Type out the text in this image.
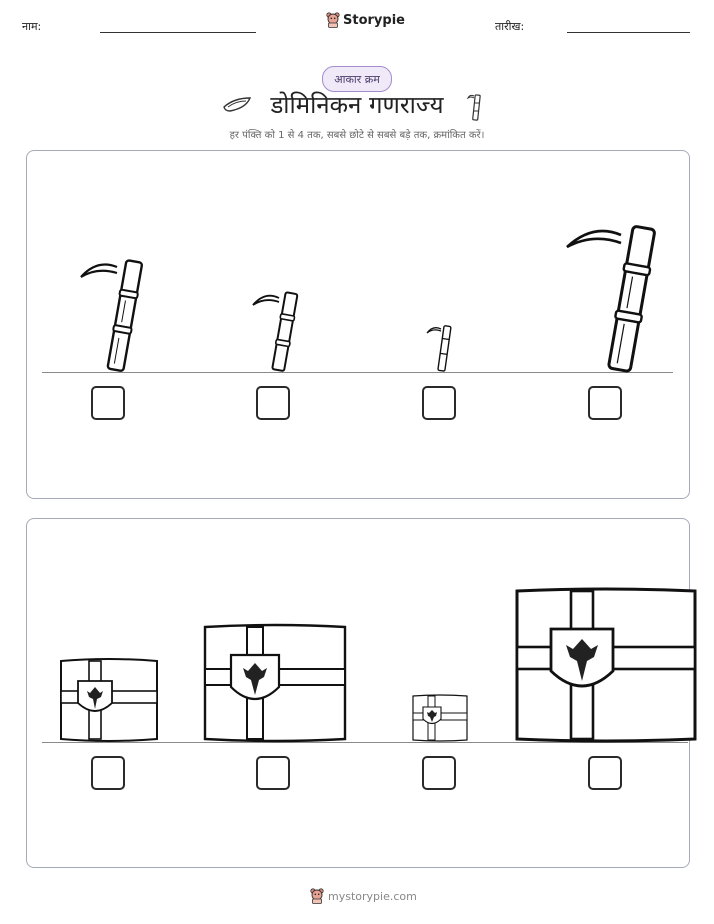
नाम:	Storypie	तारीख:
आकार क्रम
डोमिनिकन गणराज्य
हर पंक्ति को 1 से 4 तक, सबसे छोटे से सबसे बड़े तक, क्रमांकित करें।
mystorypie.com
